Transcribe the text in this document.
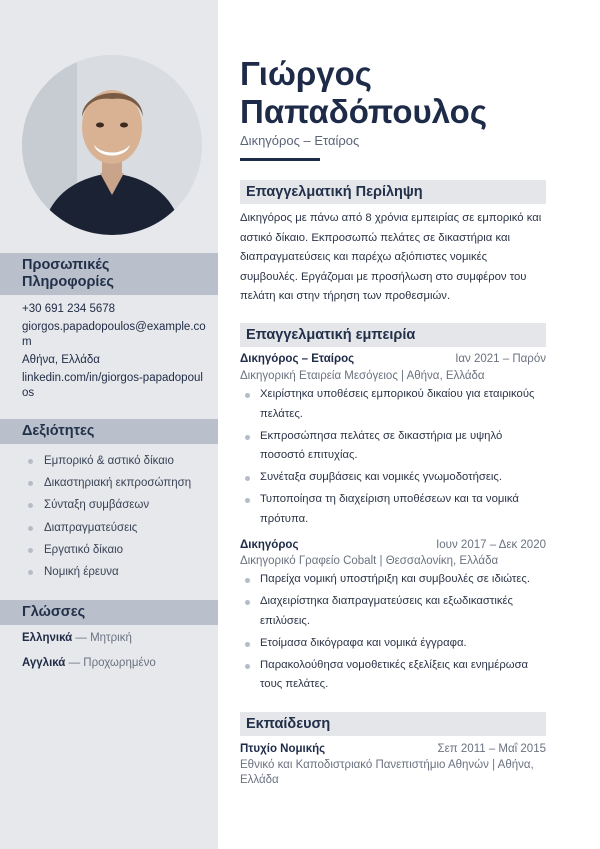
Προσωπικές Πληροφορίες
+30 691 234 5678
giorgos.papadopoulos@example.com
Αθήνα, Ελλάδα
linkedin.com/in/giorgos-papadopoulos
Δεξιότητες
Εμπορικό & αστικό δίκαιο
Δικαστηριακή εκπροσώπηση
Σύνταξη συμβάσεων
Διαπραγματεύσεις
Εργατικό δίκαιο
Νομική έρευνα
Γλώσσες
Ελληνικά — Μητρική
Αγγλικά — Προχωρημένο
Γιώργος
Παπαδόπουλος
Δικηγόρος – Εταίρος
Επαγγελματική Περίληψη

Δικηγόρος με πάνω από 8 χρόνια εμπειρίας σε εμπορικό και αστικό δίκαιο. Εκπροσωπώ πελάτες σε δικαστήρια και διαπραγματεύσεις και παρέχω αξιόπιστες νομικές συμβουλές. Εργάζομαι με προσήλωση στο συμφέρον του πελάτη και στην τήρηση των προθεσμιών.

Επαγγελματική εμπειρία
Δικηγόρος – Εταίρος	Ιαν 2021 – Παρόν
Δικηγορική Εταιρεία Μεσόγειος | Αθήνα, Ελλάδα
Χειρίστηκα υποθέσεις εμπορικού δικαίου για εταιρικούς πελάτες.
Εκπροσώπησα πελάτες σε δικαστήρια με υψηλό ποσοστό επιτυχίας.
Συνέταξα συμβάσεις και νομικές γνωμοδοτήσεις.
Τυποποίησα τη διαχείριση υποθέσεων και τα νομικά πρότυπα.
Δικηγόρος	Ιουν 2017 – Δεκ 2020
Δικηγορικό Γραφείο Cobalt | Θεσσαλονίκη, Ελλάδα
Παρείχα νομική υποστήριξη και συμβουλές σε ιδιώτες.
Διαχειρίστηκα διαπραγματεύσεις και εξωδικαστικές επιλύσεις.
Ετοίμασα δικόγραφα και νομικά έγγραφα.
Παρακολούθησα νομοθετικές εξελίξεις και ενημέρωσα τους πελάτες.
Εκπαίδευση
Πτυχίο Νομικής	Σεπ 2011 – Μαΐ 2015
Εθνικό και Καποδιστριακό Πανεπιστήμιο Αθηνών | Αθήνα, Ελλάδα
